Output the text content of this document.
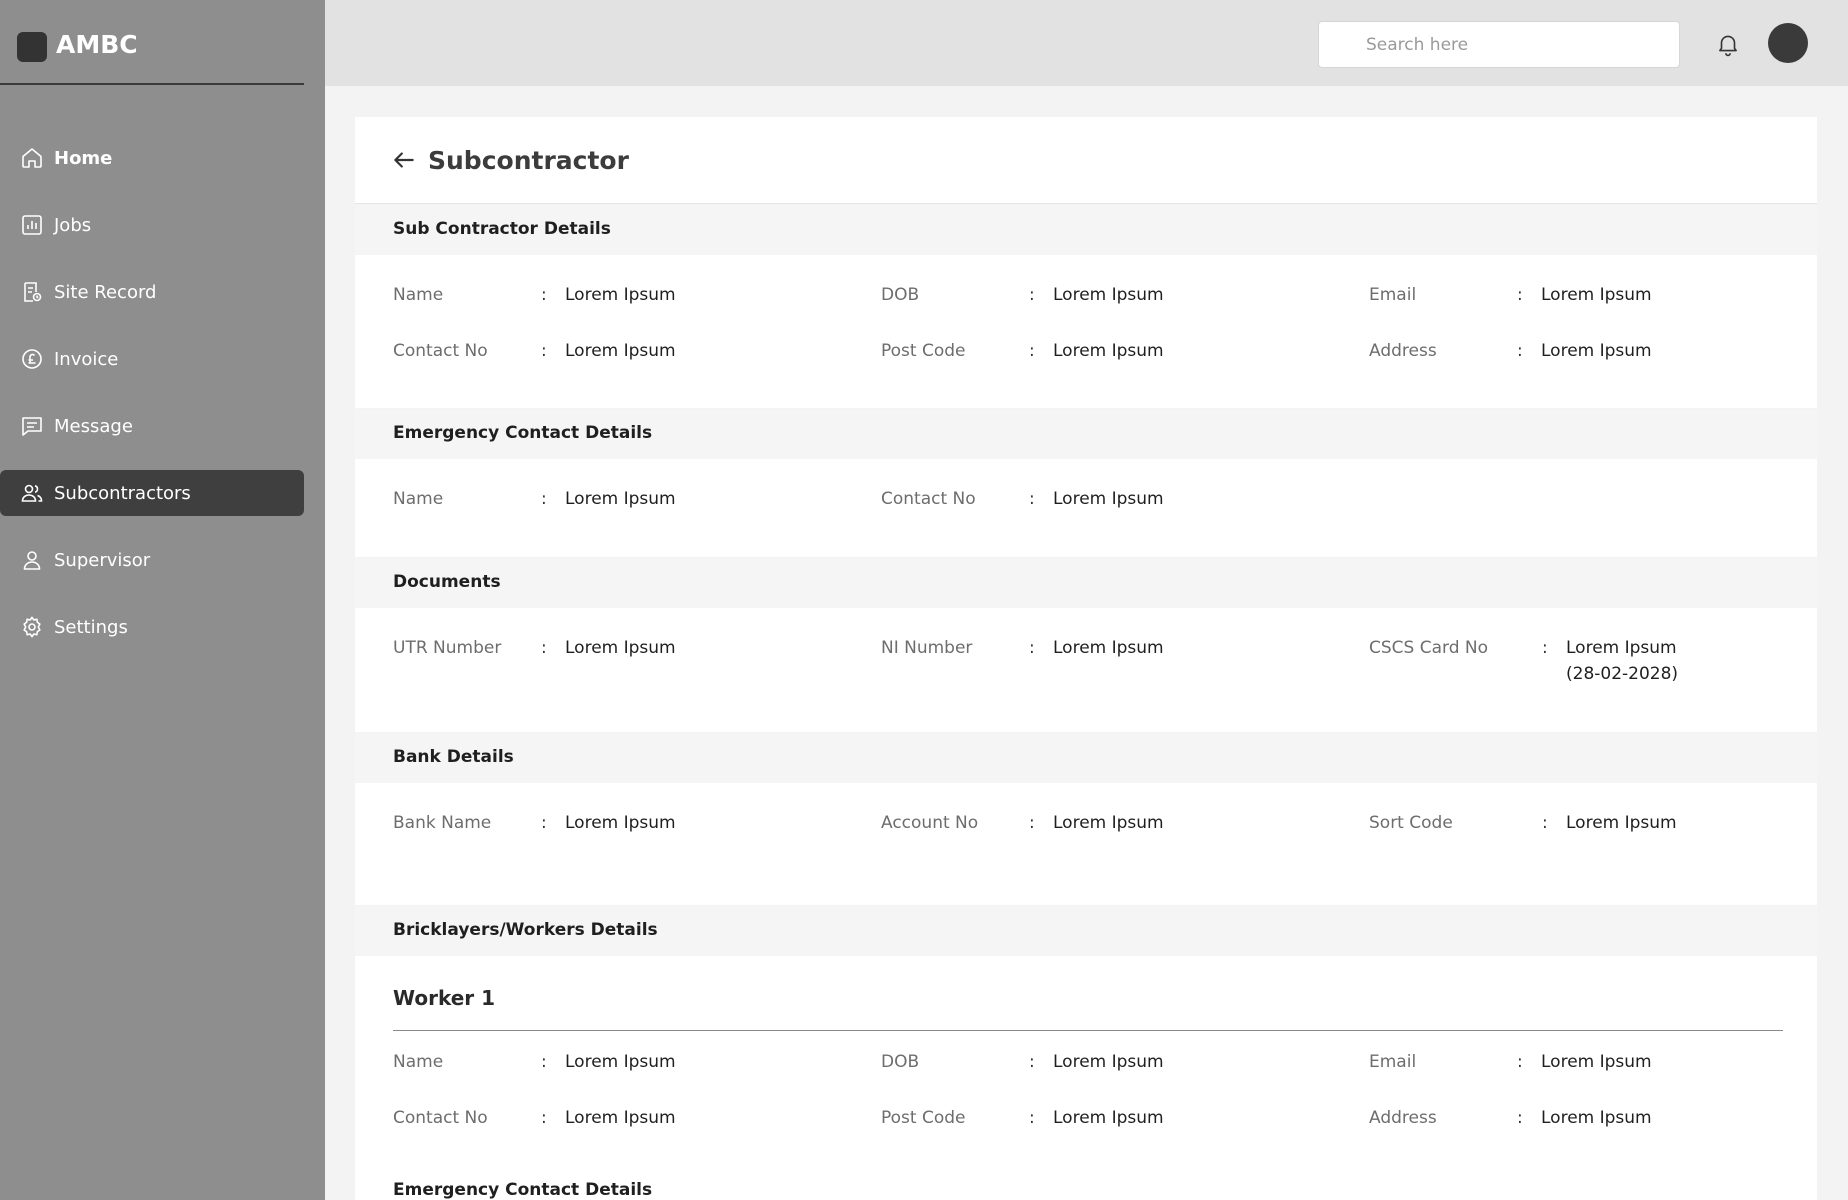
AMBC
Home
Jobs
Site Record
Invoice
Message
Subcontractors
Supervisor
Settings
Search here
Subcontractor
Sub Contractor Details
Name	: Lorem Ipsum	DOB	: Lorem Ipsum	Email	: Lorem Ipsum
Contact No	: Lorem Ipsum	Post Code	: Lorem Ipsum	Address	: Lorem Ipsum
Emergency Contact Details
Name	: Lorem Ipsum	Contact No	: Lorem Ipsum
Documents
UTR Number : Lorem Ipsum	NI Number	: Lorem Ipsum	CSCS Card No	: Lorem Ipsum (28-02-2028)
Bank Details
Bank Name	: Lorem Ipsum	Account No	: Lorem Ipsum	Sort Code	: Lorem Ipsum
Bricklayers/Workers Details
Worker 1
Name	: Lorem Ipsum	DOB	: Lorem Ipsum	Email	: Lorem Ipsum
Contact No	: Lorem Ipsum	Post Code	: Lorem Ipsum	Address	: Lorem Ipsum
Emergency Contact Details
